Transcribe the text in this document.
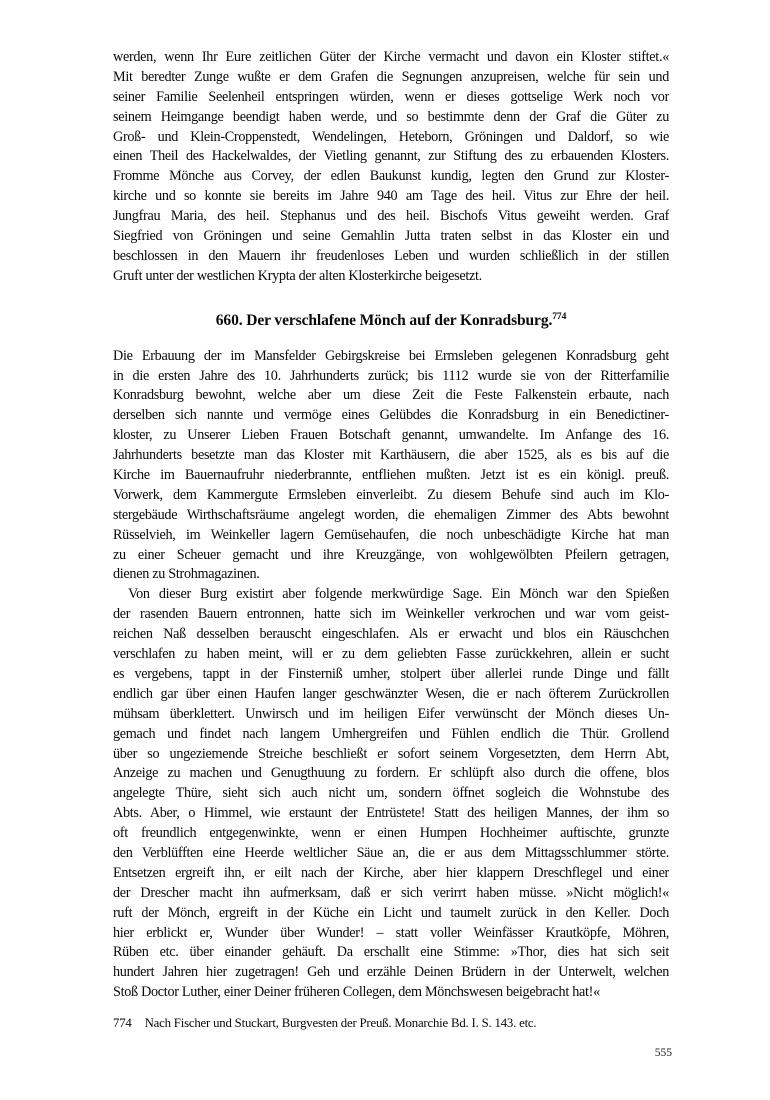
werden, wenn Ihr Eure zeitlichen Güter der Kirche vermacht und davon ein Kloster stiftet.«
Mit beredter Zunge wußte er dem Grafen die Segnungen anzupreisen, welche für sein und
seiner Familie Seelenheil entspringen würden, wenn er dieses gottselige Werk noch vor
seinem Heimgange beendigt haben werde, und so bestimmte denn der Graf die Güter zu
Groß- und Klein-Croppenstedt, Wendelingen, Heteborn, Gröningen und Daldorf, so wie
einen Theil des Hackelwaldes, der Vietling genannt, zur Stiftung des zu erbauenden Klosters.
Fromme Mönche aus Corvey, der edlen Baukunst kundig, legten den Grund zur Kloster-
kirche und so konnte sie bereits im Jahre 940 am Tage des heil. Vitus zur Ehre der heil.
Jungfrau Maria, des heil. Stephanus und des heil. Bischofs Vitus geweiht werden. Graf
Siegfried von Gröningen und seine Gemahlin Jutta traten selbst in das Kloster ein und
beschlossen in den Mauern ihr freudenloses Leben und wurden schließlich in der stillen
Gruft unter der westlichen Krypta der alten Klosterkirche beigesetzt.
660. Der verschlafene Mönch auf der Konradsburg.$^{774}$
Die Erbauung der im Mansfelder Gebirgskreise bei Ermsleben gelegenen Konradsburg geht
in die ersten Jahre des 10. Jahrhunderts zurück; bis 1112 wurde sie von der Ritterfamilie
Konradsburg bewohnt, welche aber um diese Zeit die Feste Falkenstein erbaute, nach
derselben sich nannte und vermöge eines Gelübdes die Konradsburg in ein Benedictiner-
kloster, zu Unserer Lieben Frauen Botschaft genannt, umwandelte. Im Anfange des 16.
Jahrhunderts besetzte man das Kloster mit Karthäusern, die aber 1525, als es bis auf die
Kirche im Bauernaufruhr niederbrannte, entfliehen mußten. Jetzt ist es ein königl. preuß.
Vorwerk, dem Kammergute Ermsleben einverleibt. Zu diesem Behufe sind auch im Klo-
stergebäude Wirthschaftsräume angelegt worden, die ehemaligen Zimmer des Abts bewohnt
Rüsselvieh, im Weinkeller lagern Gemüsehaufen, die noch unbeschädigte Kirche hat man
zu einer Scheuer gemacht und ihre Kreuzgänge, von wohlgewölbten Pfeilern getragen,
dienen zu Strohmagazinen.
Von dieser Burg existirt aber folgende merkwürdige Sage. Ein Mönch war den Spießen
der rasenden Bauern entronnen, hatte sich im Weinkeller verkrochen und war vom geist-
reichen Naß desselben berauscht eingeschlafen. Als er erwacht und blos ein Räuschchen
verschlafen zu haben meint, will er zu dem geliebten Fasse zurückkehren, allein er sucht
es vergebens, tappt in der Finsterniß umher, stolpert über allerlei runde Dinge und fällt
endlich gar über einen Haufen langer geschwänzter Wesen, die er nach öfterem Zurückrollen
mühsam überklettert. Unwirsch und im heiligen Eifer verwünscht der Mönch dieses Un-
gemach und findet nach langem Umhergreifen und Fühlen endlich die Thür. Grollend
über so ungeziemende Streiche beschließt er sofort seinem Vorgesetzten, dem Herrn Abt,
Anzeige zu machen und Genugthuung zu fordern. Er schlüpft also durch die offene, blos
angelegte Thüre, sieht sich auch nicht um, sondern öffnet sogleich die Wohnstube des
Abts. Aber, o Himmel, wie erstaunt der Entrüstete! Statt des heiligen Mannes, der ihm so
oft freundlich entgegenwinkte, wenn er einen Humpen Hochheimer auftischte, grunzte
den Verblüfften eine Heerde weltlicher Säue an, die er aus dem Mittagsschlummer störte.
Entsetzen ergreift ihn, er eilt nach der Kirche, aber hier klappern Dreschflegel und einer
der Drescher macht ihn aufmerksam, daß er sich verirrt haben müsse. »Nicht möglich!«
ruft der Mönch, ergreift in der Küche ein Licht und taumelt zurück in den Keller. Doch
hier erblickt er, Wunder über Wunder! – statt voller Weinfässer Krautköpfe, Möhren,
Rüben etc. über einander gehäuft. Da erschallt eine Stimme: »Thor, dies hat sich seit
hundert Jahren hier zugetragen! Geh und erzähle Deinen Brüdern in der Unterwelt, welchen
Stoß Doctor Luther, einer Deiner früheren Collegen, dem Mönchswesen beigebracht hat!«
774 Nach Fischer und Stuckart, Burgvesten der Preuß. Monarchie Bd. I. S. 143. etc.
555
